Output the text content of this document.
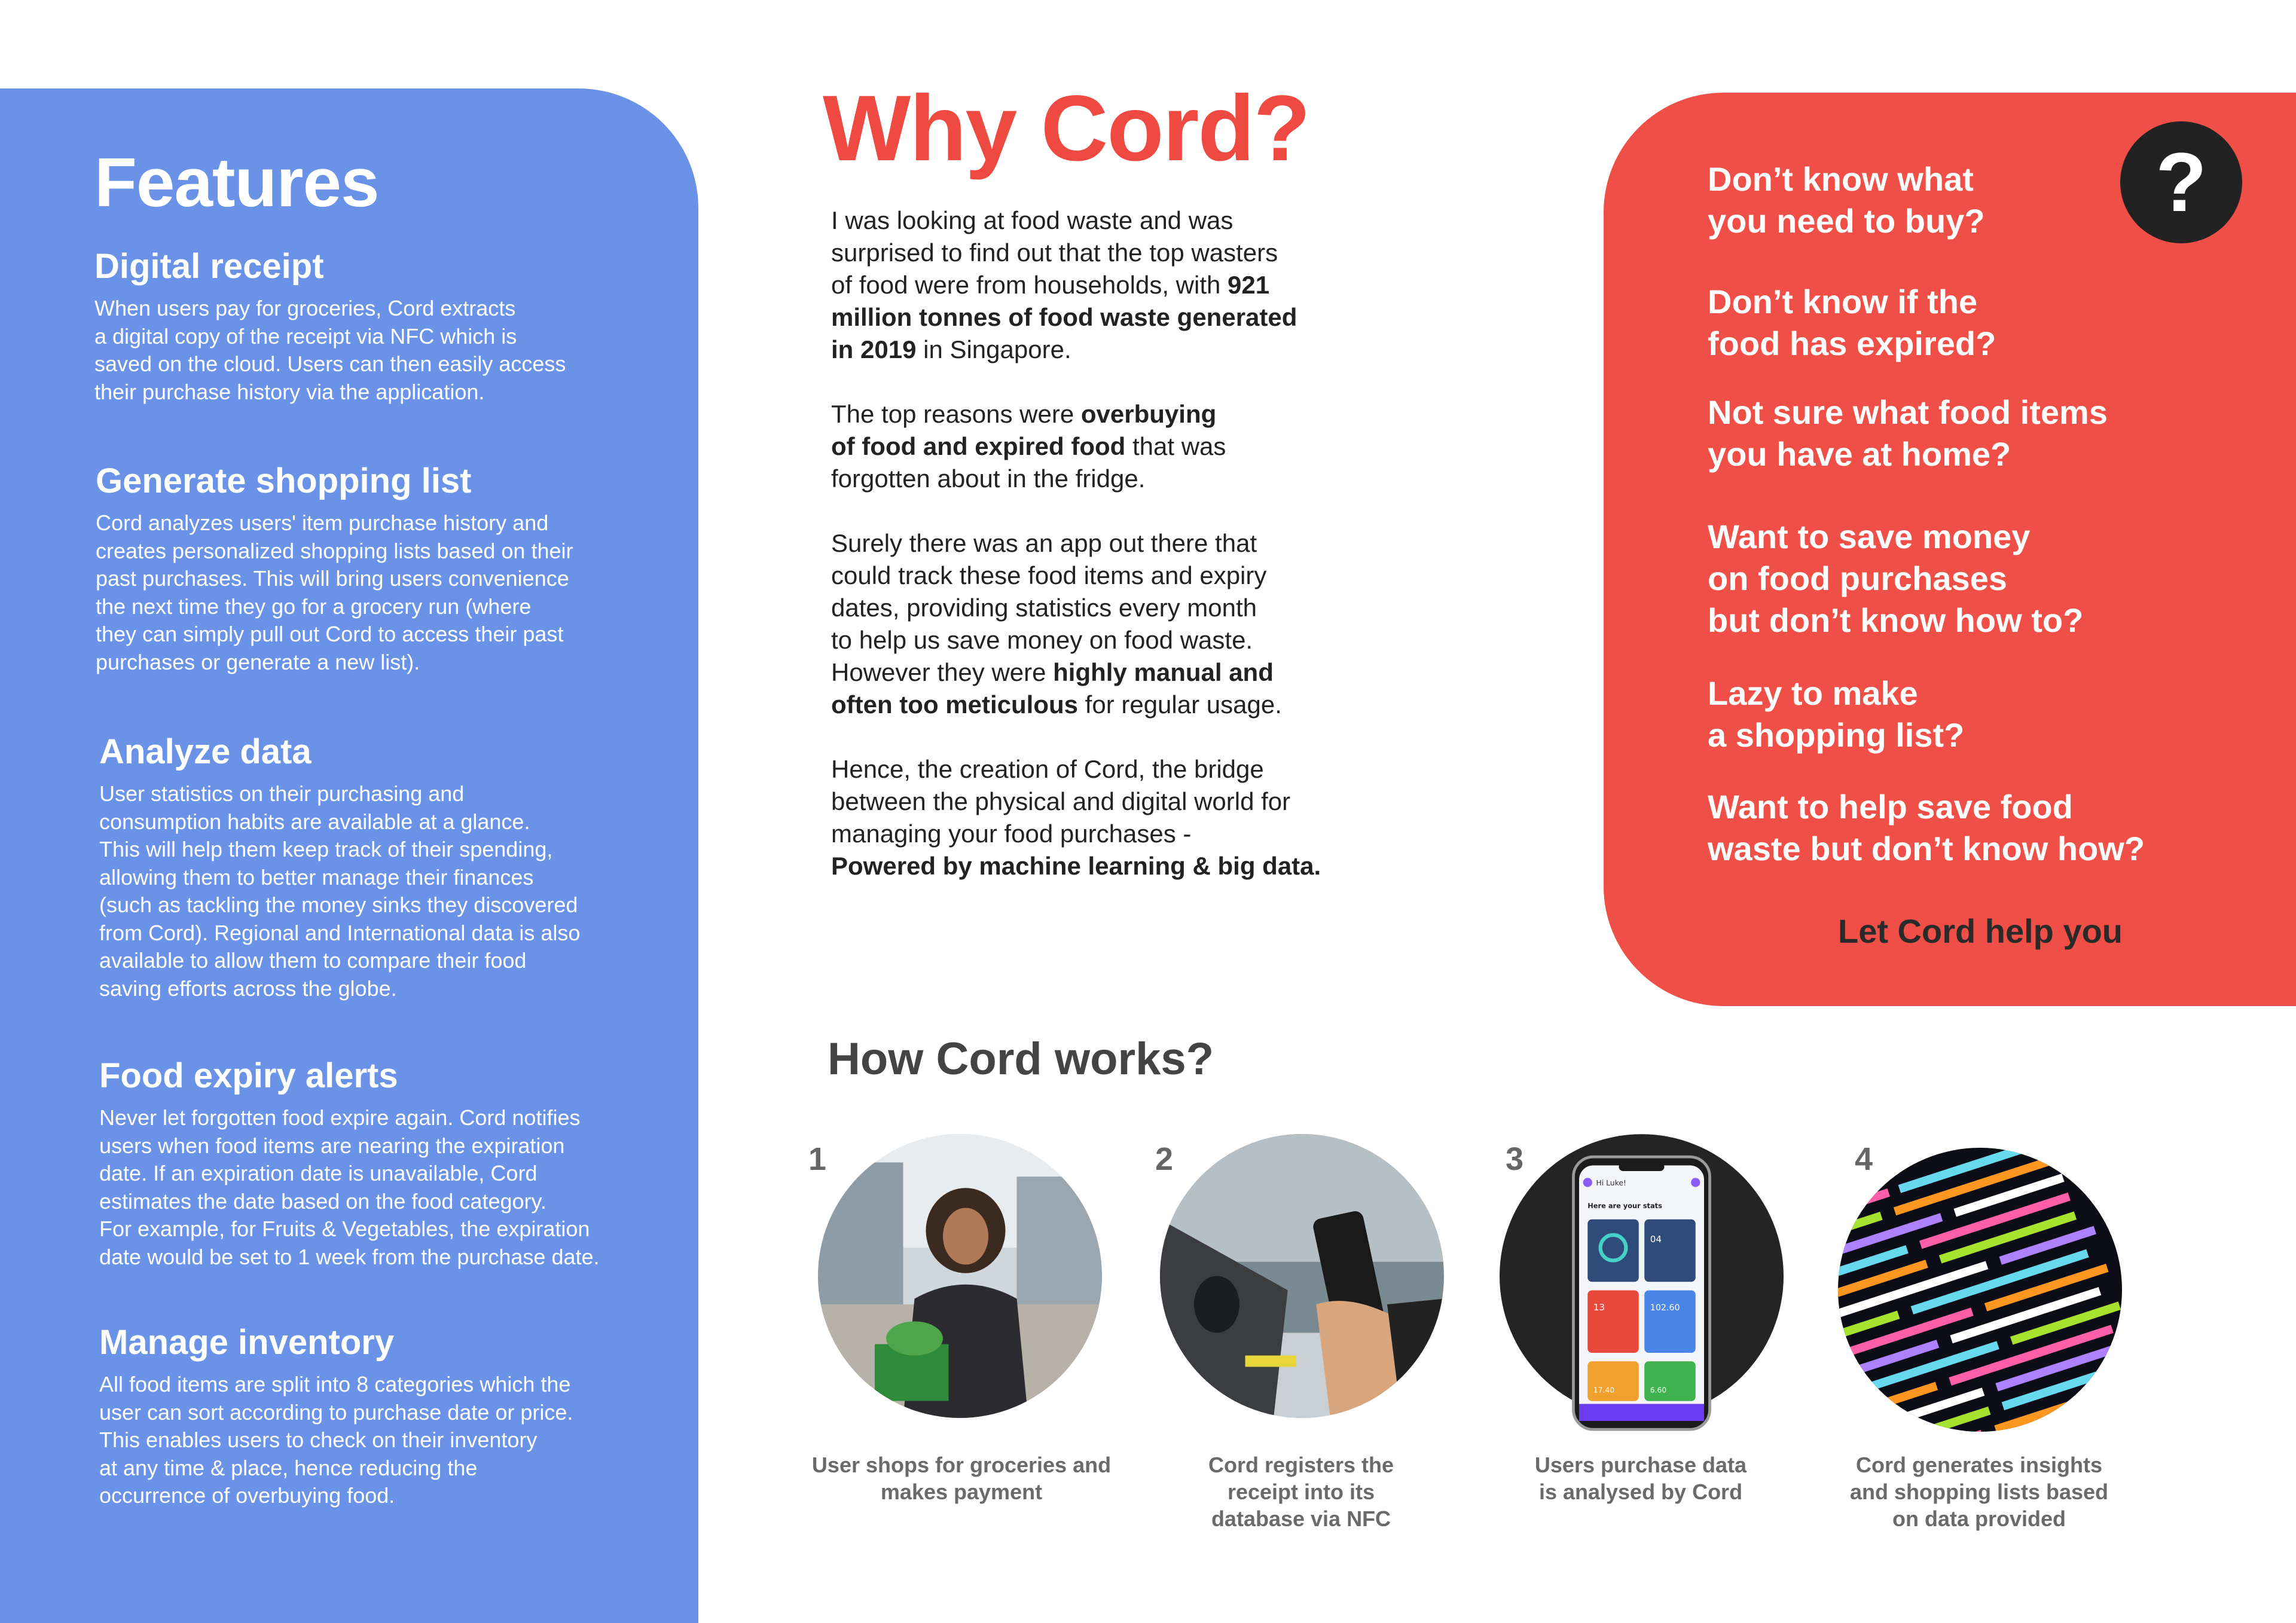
Features
Digital receipt

When users pay for groceries, Cord extracts
a digital copy of the receipt via NFC which is
saved on the cloud. Users can then easily access
their purchase history via the application.

Generate shopping list

Cord analyzes users' item purchase history and
creates personalized shopping lists based on their
past purchases. This will bring users convenience
the next time they go for a grocery run (where
they can simply pull out Cord to access their past
purchases or generate a new list).

Analyze data

User statistics on their purchasing and
consumption habits are available at a glance.
This will help them keep track of their spending,
allowing them to better manage their finances
(such as tackling the money sinks they discovered
from Cord). Regional and International data is also
available to allow them to compare their food
saving efforts across the globe.

Food expiry alerts

Never let forgotten food expire again. Cord notifies
users when food items are nearing the expiration
date. If an expiration date is unavailable, Cord
estimates the date based on the food category.
For example, for Fruits & Vegetables, the expiration
date would be set to 1 week from the purchase date.

Manage inventory

All food items are split into 8 categories which the
user can sort according to purchase date or price.
This enables users to check on their inventory
at any time & place, hence reducing the
occurrence of overbuying food.

Why Cord?

I was looking at food waste and was
surprised to find out that the top wasters
of food were from households, with 921
million tonnes of food waste generated
in 2019 in Singapore.

The top reasons were overbuying
of food and expired food that was
forgotten about in the fridge.

Surely there was an app out there that
could track these food items and expiry
dates, providing statistics every month
to help us save money on food waste.
However they were highly manual and
often too meticulous for regular usage.

Hence, the creation of Cord, the bridge
between the physical and digital world for
managing your food purchases -
Powered by machine learning & big data.

?
Don’t know what
you need to buy?
Don’t know if the
food has expired?
Not sure what food items
you have at home?
Want to save money
on food purchases
but don’t know how to?
Lazy to make
a shopping list?
Want to help save food
waste but don’t know how?
Let Cord help you
How Cord works?
1
User shops for groceries and
makes payment
2
Cord registers the
receipt into its
database via NFC
3
Hi Luke!
Here are your stats
04
13	102.60
17.40	6.60
Users purchase data
is analysed by Cord
4
Cord generates insights
and shopping lists based
on data provided
